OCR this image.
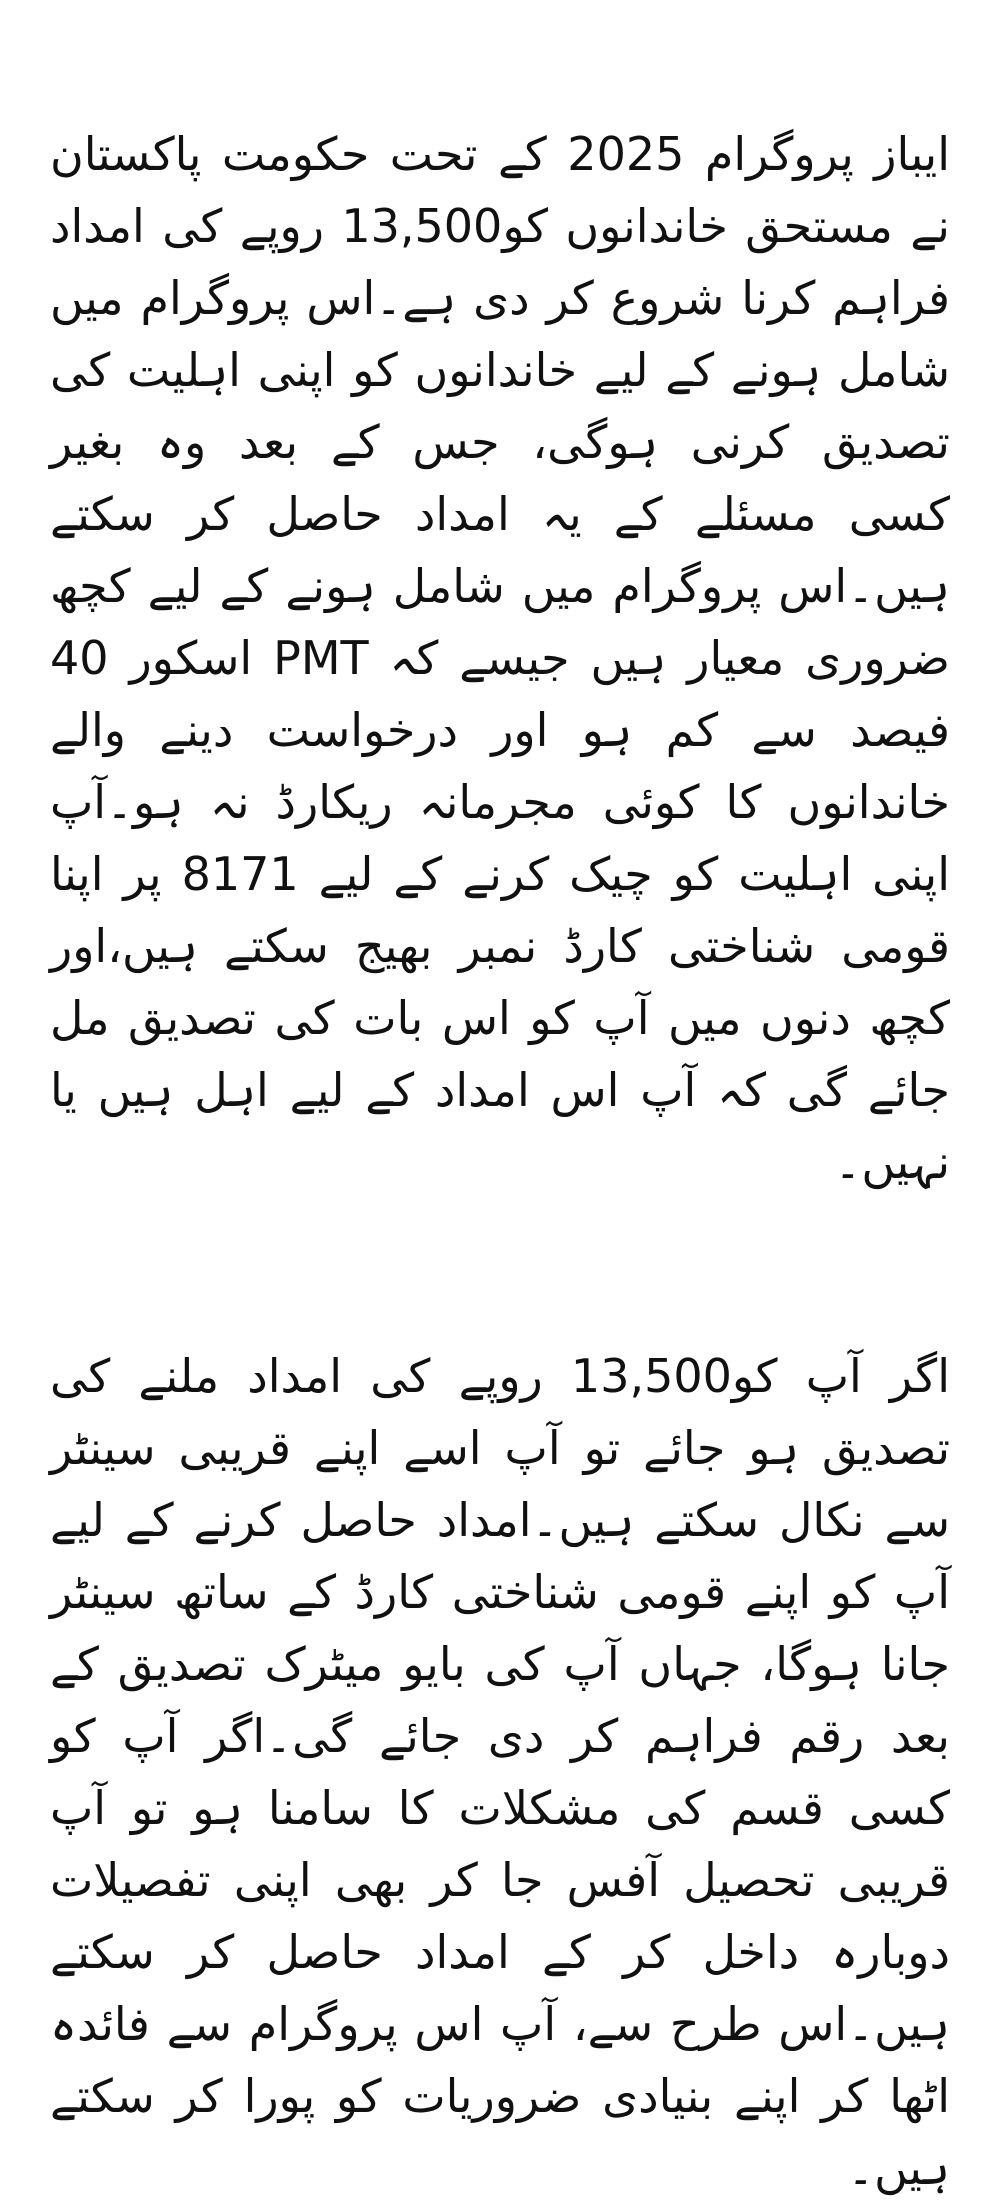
ایباز پروگرام 2025 کے تحت حکومت پاکستان نے مستحق خاندانوں کو13,500 روپے کی امداد فراہم کرنا شروع کر دی ہے۔اس پروگرام میں شامل ہونے کے لیے خاندانوں کو اپنی اہلیت کی تصدیق کرنی ہوگی، جس کے بعد وہ بغیر کسی مسئلے کے یہ امداد حاصل کر سکتے ہیں۔اس پروگرام میں شامل ہونے کے لیے کچھ ضروری معیار ہیں جیسے کہ PMT اسکور 40 فیصد سے کم ہو اور درخواست دینے والے خاندانوں کا کوئی مجرمانہ ریکارڈ نہ ہو۔آپ اپنی اہلیت کو چیک کرنے کے لیے 8171 پر اپنا قومی شناختی کارڈ نمبر بھیج سکتے ہیں،اور کچھ دنوں میں آپ کو اس بات کی تصدیق مل جائے گی کہ آپ اس امداد کے لیے اہل ہیں یا نہیں۔

اگر آپ کو13,500 روپے کی امداد ملنے کی تصدیق ہو جائے تو آپ اسے اپنے قریبی سینٹر سے نکال سکتے ہیں۔امداد حاصل کرنے کے لیے آپ کو اپنے قومی شناختی کارڈ کے ساتھ سینٹر جانا ہوگا، جہاں آپ کی بایو میٹرک تصدیق کے بعد رقم فراہم کر دی جائے گی۔اگر آپ کو کسی قسم کی مشکلات کا سامنا ہو تو آپ قریبی تحصیل آفس جا کر بھی اپنی تفصیلات دوبارہ داخل کر کے امداد حاصل کر سکتے ہیں۔اس طرح سے، آپ اس پروگرام سے فائدہ اٹھا کر اپنے بنیادی ضروریات کو پورا کر سکتے ہیں۔
